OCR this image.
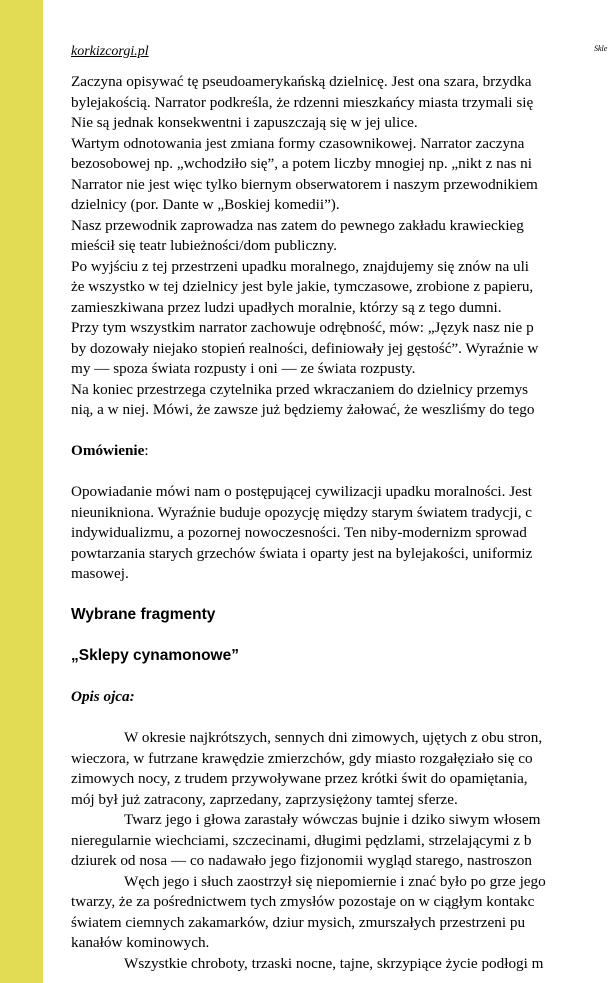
korkizcorgi.pl	Skle
Zaczyna opisywać tę pseudoamerykańską dzielnicę. Jest ona szara, brzydka
bylejakością. Narrator podkreśla, że rdzenni mieszkańcy miasta trzymali się
Nie są jednak konsekwentni i zapuszczają się w jej ulice.
Wartym odnotowania jest zmiana formy czasownikowej. Narrator zaczyna
bezosobowej np. „wchodziło się”, a potem liczby mnogiej np. „nikt z nas ni
Narrator nie jest więc tylko biernym obserwatorem i naszym przewodnikiem
dzielnicy (por. Dante w „Boskiej komedii”).
Nasz przewodnik zaprowadza nas zatem do pewnego zakładu krawieckieg
mieścił się teatr lubieżności/dom publiczny.
Po wyjściu z tej przestrzeni upadku moralnego, znajdujemy się znów na uli
że wszystko w tej dzielnicy jest byle jakie, tymczasowe, zrobione z papieru,
zamieszkiwana przez ludzi upadłych moralnie, którzy są z tego dumni.
Przy tym wszystkim narrator zachowuje odrębność, mów: „Język nasz nie p
by dozowały niejako stopień realności, definiowały jej gęstość”. Wyraźnie w
my — spoza świata rozpusty i oni — ze świata rozpusty.
Na koniec przestrzega czytelnika przed wkraczaniem do dzielnicy przemys
nią, a w niej. Mówi, że zawsze już będziemy żałować, że weszliśmy do tego
Omówienie:
Opowiadanie mówi nam o postępującej cywilizacji upadku moralności. Jest
nieunikniona. Wyraźnie buduje opozycję między starym światem tradycji, c
indywidualizmu, a pozornej nowoczesności. Ten niby-modernizm sprowad
powtarzania starych grzechów świata i oparty jest na bylejakości, uniformiz
masowej.
Wybrane fragmenty
„Sklepy cynamonowe”
Opis ojca:
W okresie najkrótszych, sennych dni zimowych, ujętych z obu stron,
wieczora, w futrzane krawędzie zmierzchów, gdy miasto rozgałęziało się co
zimowych nocy, z trudem przywoływane przez krótki świt do opamiętania,
mój był już zatracony, zaprzedany, zaprzysiężony tamtej sferze.
Twarz jego i głowa zarastały wówczas bujnie i dziko siwym włosem
nieregularnie wiechciami, szczecinami, długimi pędzlami, strzelającymi z b
dziurek od nosa — co nadawało jego fizjonomii wygląd starego, nastroszon
Węch jego i słuch zaostrzył się niepomiernie i znać było po grze jego
twarzy, że za pośrednictwem tych zmysłów pozostaje on w ciągłym kontakc
światem ciemnych zakamarków, dziur mysich, zmurszałych przestrzeni pu
kanałów kominowych.
Wszystkie chroboty, trzaski nocne, tajne, skrzypiące życie podłogi m
